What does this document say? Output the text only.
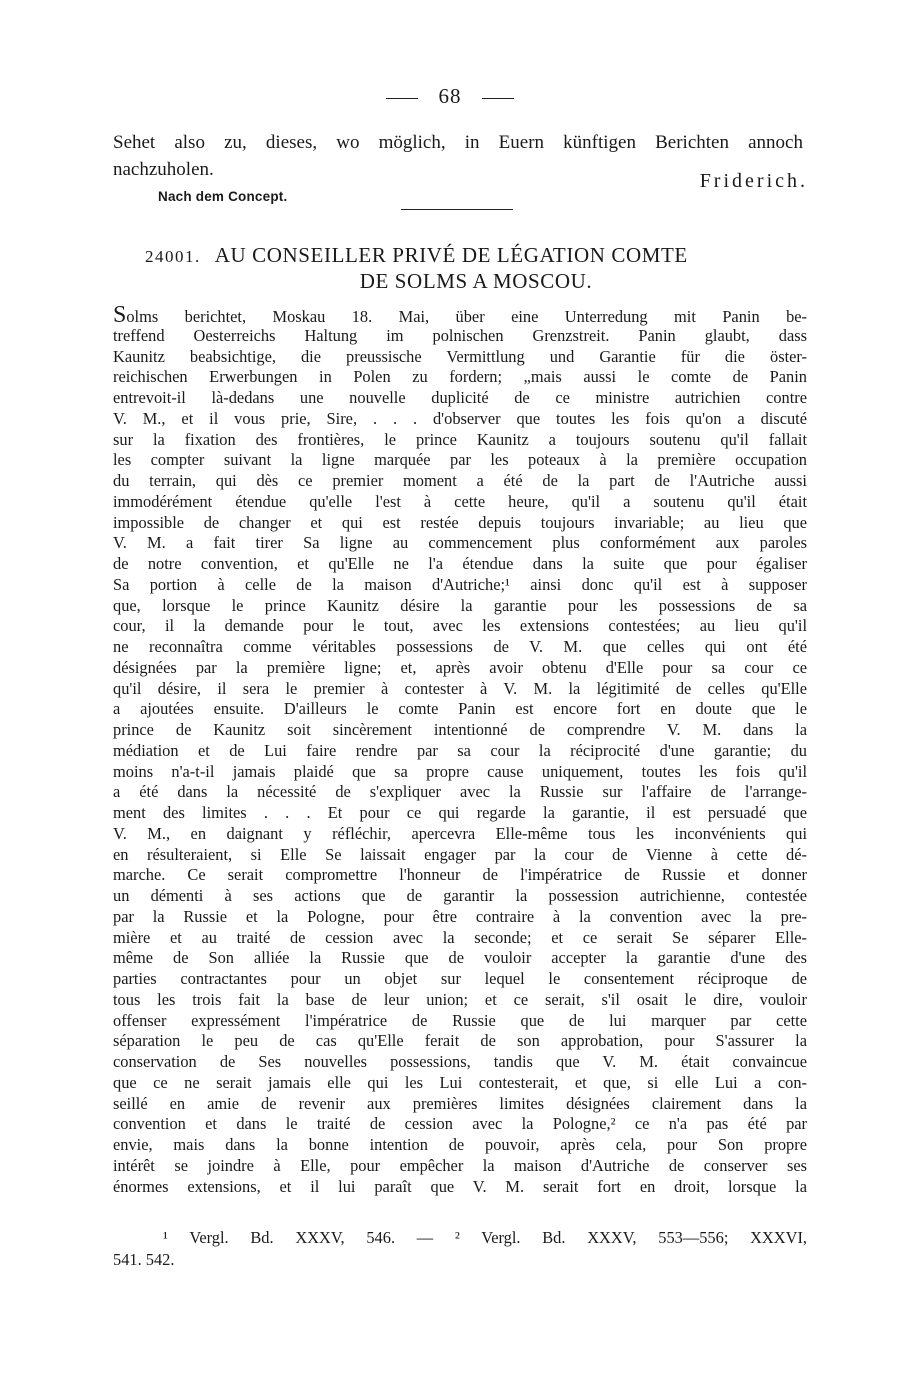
68
Sehet also zu, dieses, wo möglich, in Euern künftigen Berichten annoch
nachzuholen.
Friderich.
Nach dem Concept.
24001. AU CONSEILLER PRIVÉ DE LÉGATION COMTE
DE SOLMS A MOSCOU.
Solms berichtet, Moskau 18. Mai, über eine Unterredung mit Panin be-
treffend Oesterreichs Haltung im polnischen Grenzstreit. Panin glaubt, dass
Kaunitz beabsichtige, die preussische Vermittlung und Garantie für die öster-
reichischen Erwerbungen in Polen zu fordern; „mais aussi le comte de Panin
entrevoit-il là-dedans une nouvelle duplicité de ce ministre autrichien contre
V. M., et il vous prie, Sire, . . . d'observer que toutes les fois qu'on a discuté
sur la fixation des frontières, le prince Kaunitz a toujours soutenu qu'il fallait
les compter suivant la ligne marquée par les poteaux à la première occupation
du terrain, qui dès ce premier moment a été de la part de l'Autriche aussi
immodérément étendue qu'elle l'est à cette heure, qu'il a soutenu qu'il était
impossible de changer et qui est restée depuis toujours invariable; au lieu que
V. M. a fait tirer Sa ligne au commencement plus conformément aux paroles
de notre convention, et qu'Elle ne l'a étendue dans la suite que pour égaliser
Sa portion à celle de la maison d'Autriche;¹ ainsi donc qu'il est à supposer
que, lorsque le prince Kaunitz désire la garantie pour les possessions de sa
cour, il la demande pour le tout, avec les extensions contestées; au lieu qu'il
ne reconnaîtra comme véritables possessions de V. M. que celles qui ont été
désignées par la première ligne; et, après avoir obtenu d'Elle pour sa cour ce
qu'il désire, il sera le premier à contester à V. M. la légitimité de celles qu'Elle
a ajoutées ensuite. D'ailleurs le comte Panin est encore fort en doute que le
prince de Kaunitz soit sincèrement intentionné de comprendre V. M. dans la
médiation et de Lui faire rendre par sa cour la réciprocité d'une garantie; du
moins n'a-t-il jamais plaidé que sa propre cause uniquement, toutes les fois qu'il
a été dans la nécessité de s'expliquer avec la Russie sur l'affaire de l'arrange-
ment des limites . . . Et pour ce qui regarde la garantie, il est persuadé que
V. M., en daignant y réfléchir, apercevra Elle-même tous les inconvénients qui
en résulteraient, si Elle Se laissait engager par la cour de Vienne à cette dé-
marche. Ce serait compromettre l'honneur de l'impératrice de Russie et donner
un démenti à ses actions que de garantir la possession autrichienne, contestée
par la Russie et la Pologne, pour être contraire à la convention avec la pre-
mière et au traité de cession avec la seconde; et ce serait Se séparer Elle-
même de Son alliée la Russie que de vouloir accepter la garantie d'une des
parties contractantes pour un objet sur lequel le consentement réciproque de
tous les trois fait la base de leur union; et ce serait, s'il osait le dire, vouloir
offenser expressément l'impératrice de Russie que de lui marquer par cette
séparation le peu de cas qu'Elle ferait de son approbation, pour S'assurer la
conservation de Ses nouvelles possessions, tandis que V. M. était convaincue
que ce ne serait jamais elle qui les Lui contesterait, et que, si elle Lui a con-
seillé en amie de revenir aux premières limites désignées clairement dans la
convention et dans le traité de cession avec la Pologne,² ce n'a pas été par
envie, mais dans la bonne intention de pouvoir, après cela, pour Son propre
intérêt se joindre à Elle, pour empêcher la maison d'Autriche de conserver ses
énormes extensions, et il lui paraît que V. M. serait fort en droit, lorsque la
¹ Vergl. Bd. XXXV, 546. — ² Vergl. Bd. XXXV, 553—556; XXXVI,
541. 542.
